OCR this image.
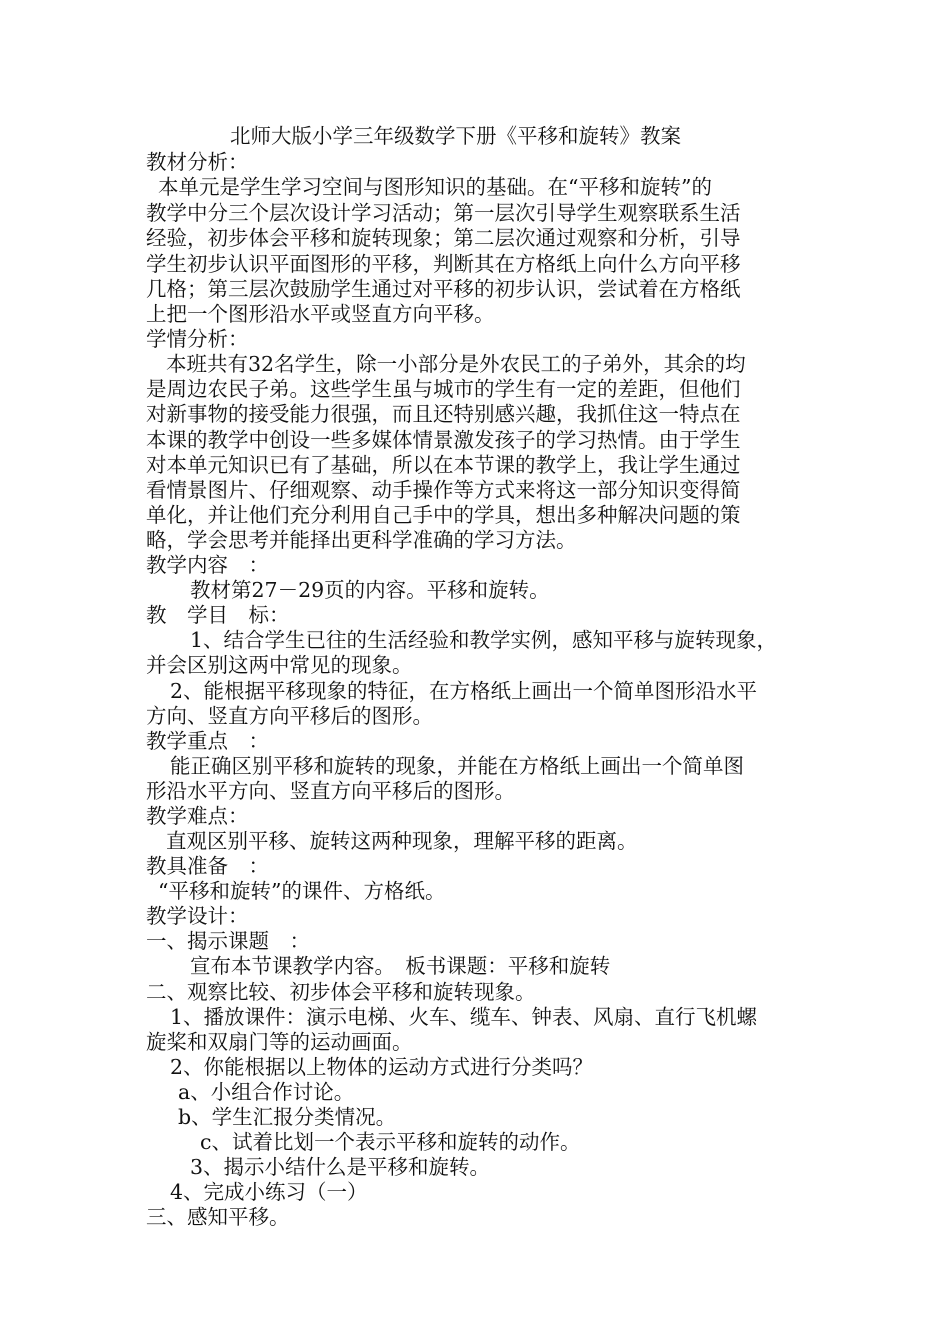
北师大版小学三年级数学下册《平移和旋转》教案
教材分析：
本单元是学生学习空间与图形知识的基础。在“平移和旋转”的
教学中分三个层次设计学习活动；第一层次引导学生观察联系生活
经验，初步体会平移和旋转现象；第二层次通过观察和分析，引导
学生初步认识平面图形的平移，判断其在方格纸上向什么方向平移
几格；第三层次鼓励学生通过对平移的初步认识，尝试着在方格纸
上把一个图形沿水平或竖直方向平移。
学情分析：
本班共有32名学生，除一小部分是外农民工的子弟外，其余的均
是周边农民子弟。这些学生虽与城市的学生有一定的差距，但他们
对新事物的接受能力很强，而且还特别感兴趣，我抓住这一特点在
本课的教学中创设一些多媒体情景激发孩子的学习热情。由于学生
对本单元知识已有了基础，所以在本节课的教学上，我让学生通过
看情景图片、仔细观察、动手操作等方式来将这一部分知识变得简
单化，并让他们充分利用自己手中的学具，想出多种解决问题的策
略，学会思考并能择出更科学准确的学习方法。
教学内容　：
教材第27－29页的内容。平移和旋转。
教　学目　标：
1、结合学生已往的生活经验和教学实例，感知平移与旋转现象，
并会区别这两中常见的现象。
2、能根据平移现象的特征，在方格纸上画出一个简单图形沿水平
方向、竖直方向平移后的图形。
教学重点　：
能正确区别平移和旋转的现象，并能在方格纸上画出一个简单图
形沿水平方向、竖直方向平移后的图形。
教学难点：
直观区别平移、旋转这两种现象，理解平移的距离。
教具准备　：
“平移和旋转”的课件、方格纸。
教学设计：
一、揭示课题　：
宣布本节课教学内容。　板书课题：平移和旋转
二、观察比较、初步体会平移和旋转现象。
1、播放课件：演示电梯、火车、缆车、钟表、风扇、直行飞机螺
旋桨和双扇门等的运动画面。
2、你能根据以上物体的运动方式进行分类吗？
a、小组合作讨论。
b、学生汇报分类情况。
c、试着比划一个表示平移和旋转的动作。
3、揭示小结什么是平移和旋转。
4、完成小练习（一）
三、感知平移。
